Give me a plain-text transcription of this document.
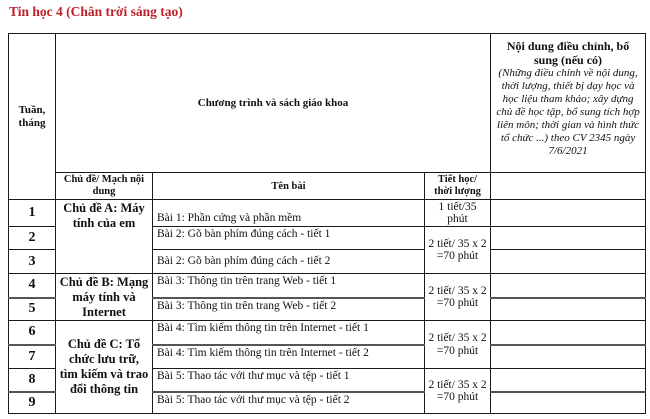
Tin học 4 (Chân trời sáng tạo)
Tuần, tháng	Chương trình và sách giáo khoa			Nội dung điều chỉnh, bổ sung (nếu có)
(Những điều chỉnh về nội dung, thời lượng, thiết bị dạy học và học liệu tham khảo; xây dựng chủ đề học tập, bổ sung tích hợp liên môn; thời gian và hình thức tổ chức ...) theo CV 2345 ngày 7/6/2021

	Chủ đề/ Mạch nội dung	Tên bài	Tiết học/ thời lượng	
1	Chủ đề A: Máy tính của em	Bài 1: Phần cứng và phần mềm	1 tiết/35 phút	
2		Bài 2: Gõ bàn phím đúng cách - tiết 1	2 tiết/ 35 x 2 =70 phút	
3		Bài 2: Gõ bàn phím đúng cách - tiết 2		
4	Chủ đề B: Mạng máy tính và Internet	Bài 3: Thông tin trên trang Web - tiết 1	2 tiết/ 35 x 2 =70 phút	
5		Bài 3: Thông tin trên trang Web - tiết 2		
6	Chủ đề C: Tổ chức lưu trữ, tìm kiếm và trao đổi thông tin	Bài 4: Tìm kiếm thông tin trên Internet - tiết 1	2 tiết/ 35 x 2 =70 phút	
7		Bài 4: Tìm kiếm thông tin trên Internet - tiết 2		
8		Bài 5: Thao tác với thư mục và tệp - tiết 1	2 tiết/ 35 x 2 =70 phút	
9		Bài 5: Thao tác với thư mục và tệp - tiết 2		
